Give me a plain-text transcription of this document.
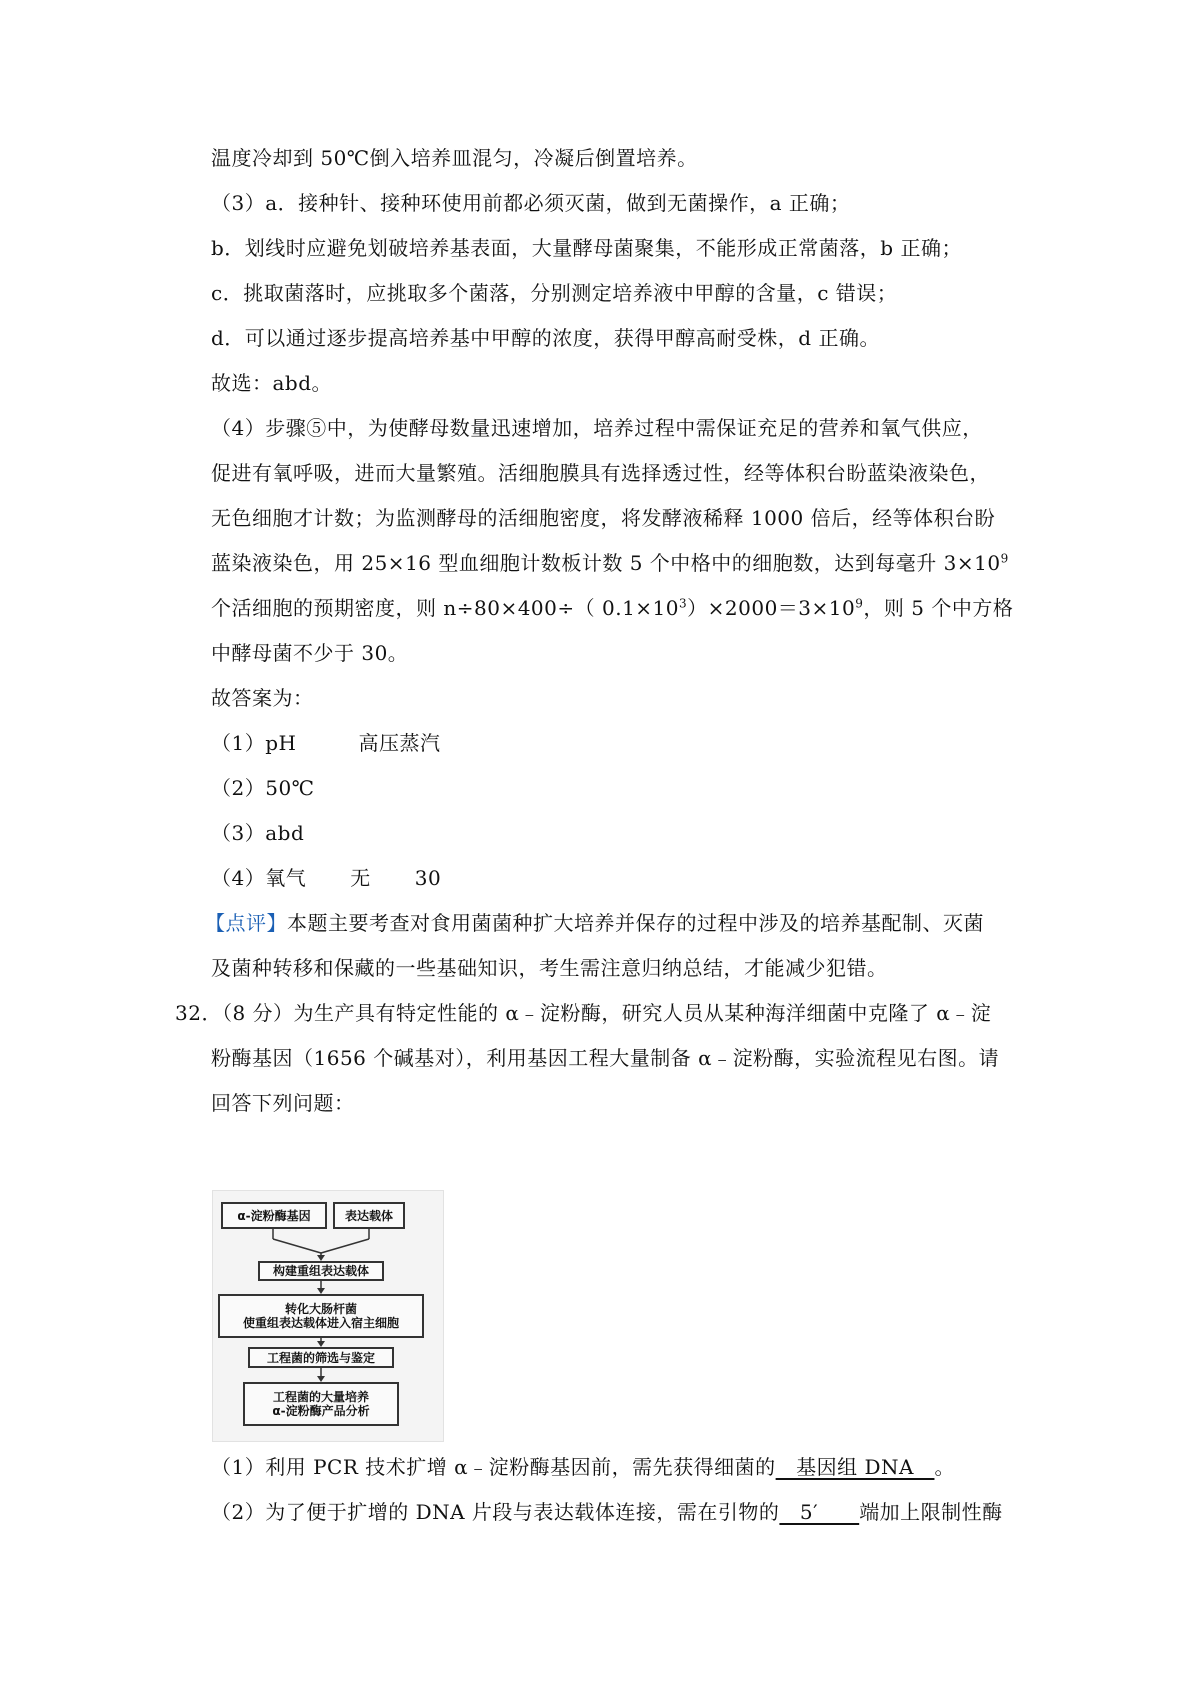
温度冷却到 50℃倒入培养皿混匀，冷凝后倒置培养。
（3）a．接种针、接种环使用前都必须灭菌，做到无菌操作，a 正确；
b．划线时应避免划破培养基表面，大量酵母菌聚集，不能形成正常菌落，b 正确；
c．挑取菌落时，应挑取多个菌落，分别测定培养液中甲醇的含量，c 错误；
d．可以通过逐步提高培养基中甲醇的浓度，获得甲醇高耐受株，d 正确。
故选：abd。
（4）步骤⑤中，为使酵母数量迅速增加，培养过程中需保证充足的营养和氧气供应，
促进有氧呼吸，进而大量繁殖。活细胞膜具有选择透过性，经等体积台盼蓝染液染色，
无色细胞才计数；为监测酵母的活细胞密度，将发酵液稀释 1000 倍后，经等体积台盼
蓝染液染色，用 25×16 型血细胞计数板计数 5 个中格中的细胞数，达到每毫升 $3\times 10^9$
个活细胞的预期密度，则 n÷80×400÷（ $0.1\times 10^3)\times 2000=3\times 10^9$，则 5 个中方格
中酵母菌不少于 30。
故答案为：
（1）pH	高压蒸汽
（2）50℃
（3）abd
（4）氧气 无 30
【点评】本题主要考查对食用菌菌种扩大培养并保存的过程中涉及的培养基配制、灭菌
及菌种转移和保藏的一些基础知识，考生需注意归纳总结，才能减少犯错。
32．（8 分）为生产具有特定性能的 α﹣淀粉酶，研究人员从某种海洋细菌中克隆了 α﹣淀
粉酶基因（1656 个碱基对），利用基因工程大量制备 α﹣淀粉酶，实验流程见右图。请
回答下列问题：
α-淀粉酶基因	表达载体
构建重组表达载体
转化大肠杆菌
使重组表达载体进入宿主细胞
工程菌的筛选与鉴定
工程菌的大量培养
α-淀粉酶产品分析
（1）利用 PCR 技术扩增 α﹣淀粉酶基因前，需先获得细菌的　基因组 DNA　。
（2）为了便于扩增的 DNA 片段与表达载体连接，需在引物的　5′　　端加上限制性酶
